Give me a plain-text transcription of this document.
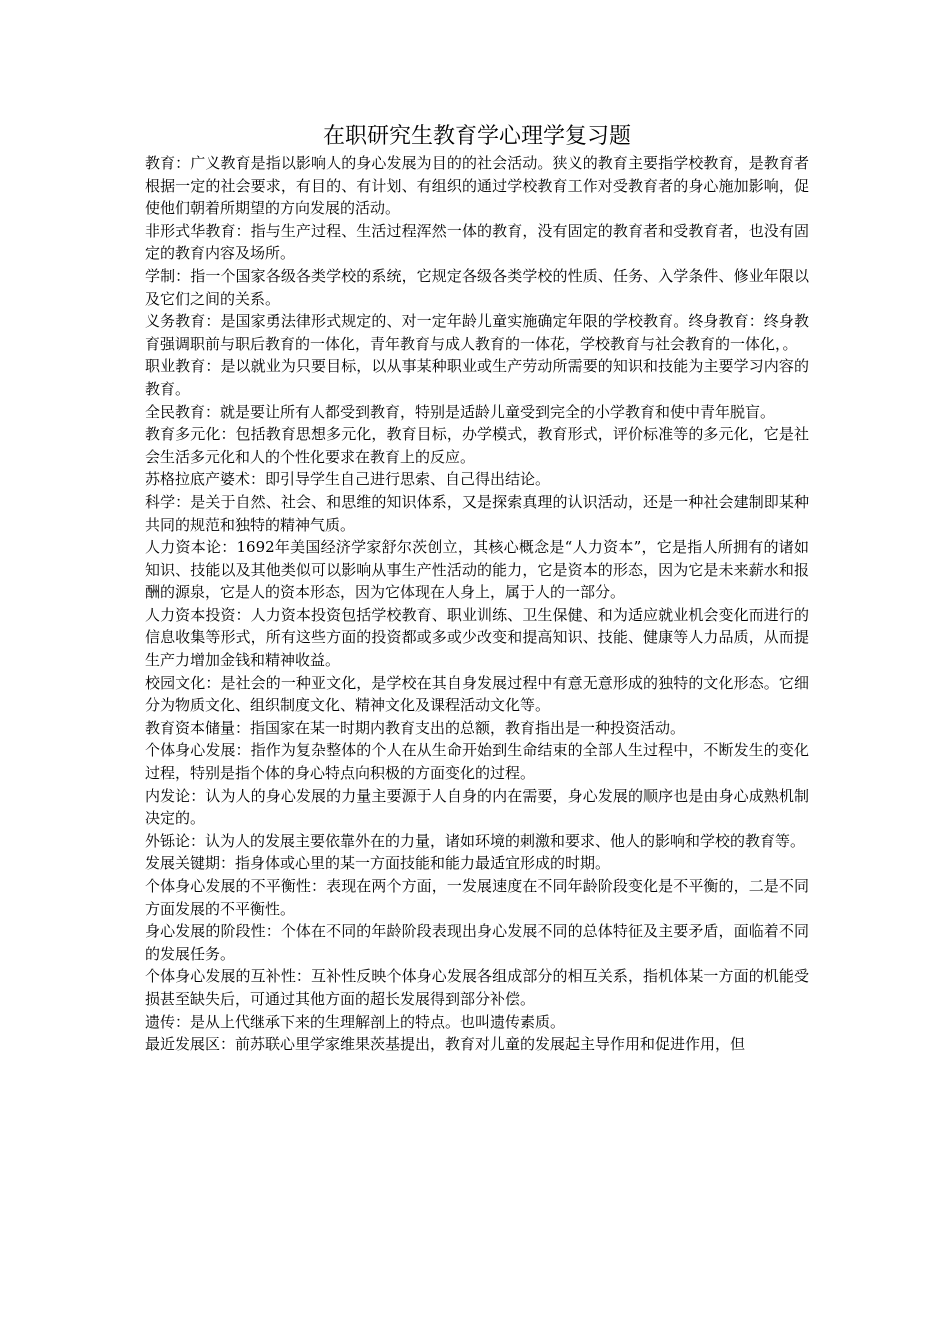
在职研究生教育学心理学复习题

教育：广义教育是指以影响人的身心发展为目的的社会活动。狭义的教育主要指学校教育，是教育者根据一定的社会要求，有目的、有计划、有组织的通过学校教育工作对受教育者的身心施加影响，促使他们朝着所期望的方向发展的活动。

非形式华教育：指与生产过程、生活过程浑然一体的教育，没有固定的教育者和受教育者，也没有固定的教育内容及场所。

学制：指一个国家各级各类学校的系统，它规定各级各类学校的性质、任务、入学条件、修业年限以及它们之间的关系。

义务教育：是国家勇法律形式规定的、对一定年龄儿童实施确定年限的学校教育。终身教育：终身教育强调职前与职后教育的一体化，青年教育与成人教育的一体花，学校教育与社会教育的一体化，。

职业教育：是以就业为只要目标，以从事某种职业或生产劳动所需要的知识和技能为主要学习内容的教育。

全民教育：就是要让所有人都受到教育，特别是适龄儿童受到完全的小学教育和使中青年脱盲。

教育多元化：包括教育思想多元化，教育目标，办学模式，教育形式，评价标准等的多元化，它是社会生活多元化和人的个性化要求在教育上的反应。

苏格拉底产婆术：即引导学生自己进行思索、自己得出结论。

科学：是关于自然、社会、和思维的知识体系，又是探索真理的认识活动，还是一种社会建制即某种共同的规范和独特的精神气质。

人力资本论：1692年美国经济学家舒尔茨创立，其核心概念是“人力资本”，它是指人所拥有的诸如知识、技能以及其他类似可以影响从事生产性活动的能力，它是资本的形态，因为它是未来薪水和报酬的源泉，它是人的资本形态，因为它体现在人身上，属于人的一部分。

人力资本投资：人力资本投资包括学校教育、职业训练、卫生保健、和为适应就业机会变化而进行的信息收集等形式，所有这些方面的投资都或多或少改变和提高知识、技能、健康等人力品质，从而提生产力增加金钱和精神收益。

校园文化：是社会的一种亚文化，是学校在其自身发展过程中有意无意形成的独特的文化形态。它细分为物质文化、组织制度文化、精神文化及课程活动文化等。

教育资本储量：指国家在某一时期内教育支出的总额，教育指出是一种投资活动。

个体身心发展：指作为复杂整体的个人在从生命开始到生命结束的全部人生过程中，不断发生的变化过程，特别是指个体的身心特点向积极的方面变化的过程。

内发论：认为人的身心发展的力量主要源于人自身的内在需要，身心发展的顺序也是由身心成熟机制决定的。

外铄论：认为人的发展主要依靠外在的力量，诸如环境的刺激和要求、他人的影响和学校的教育等。

发展关键期：指身体或心里的某一方面技能和能力最适宜形成的时期。

个体身心发展的不平衡性：表现在两个方面，一发展速度在不同年龄阶段变化是不平衡的，二是不同方面发展的不平衡性。

身心发展的阶段性：个体在不同的年龄阶段表现出身心发展不同的总体特征及主要矛盾，面临着不同的发展任务。

个体身心发展的互补性：互补性反映个体身心发展各组成部分的相互关系，指机体某一方面的机能受损甚至缺失后，可通过其他方面的超长发展得到部分补偿。

遗传：是从上代继承下来的生理解剖上的特点。也叫遗传素质。

最近发展区：前苏联心里学家维果茨基提出，教育对儿童的发展起主导作用和促进作用，但
